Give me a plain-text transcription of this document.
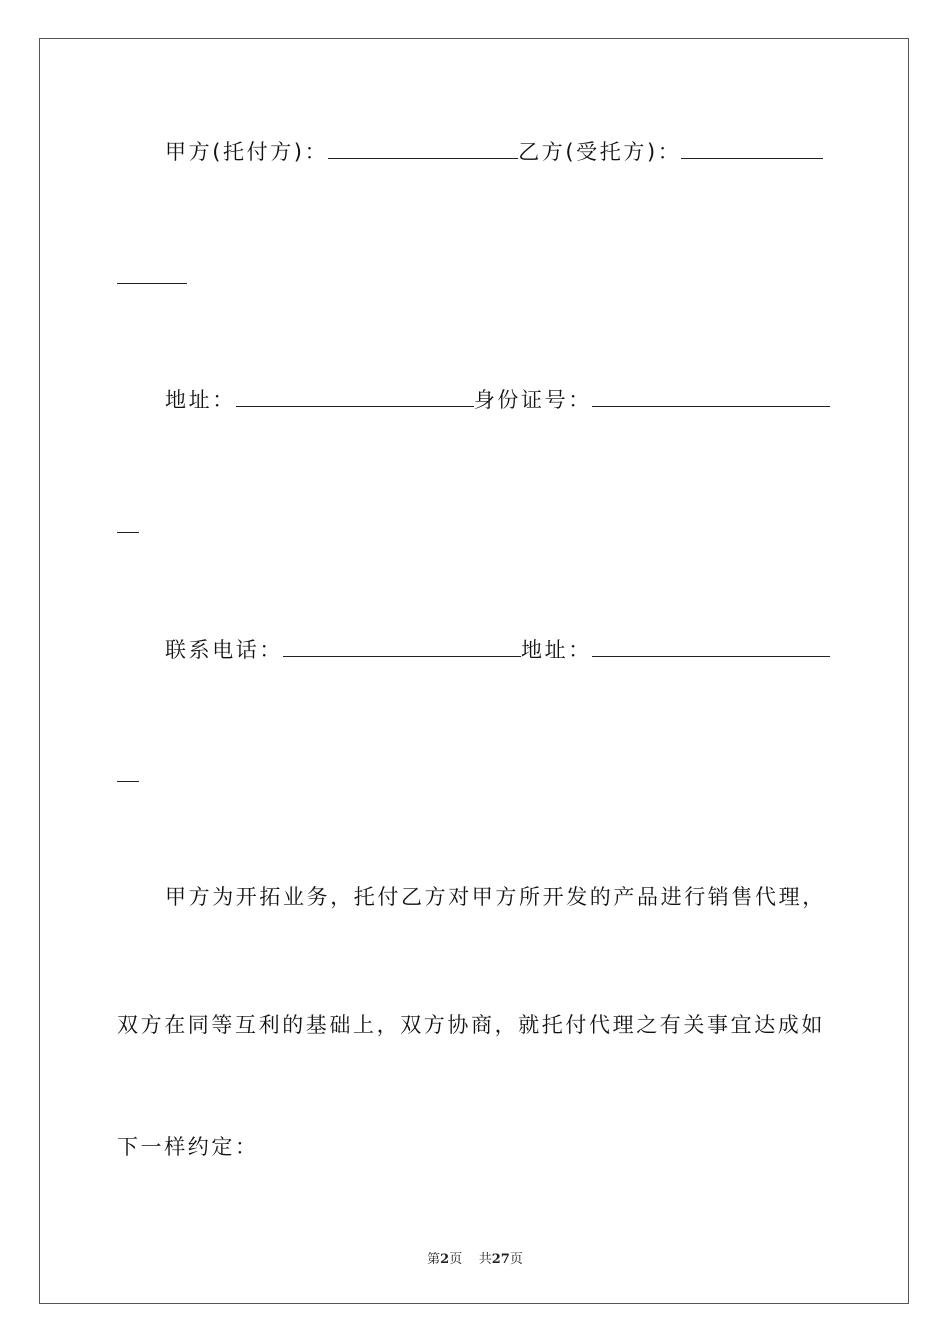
甲方(托付方)：	乙方(受托方)：
地址：	身份证号：
联系电话：	地址：
甲方为开拓业务，托付乙方对甲方所开发的产品进行销售代理，
双方在同等互利的基础上，双方协商，就托付代理之有关事宜达成如
下一样约定：
第2页 共27页
